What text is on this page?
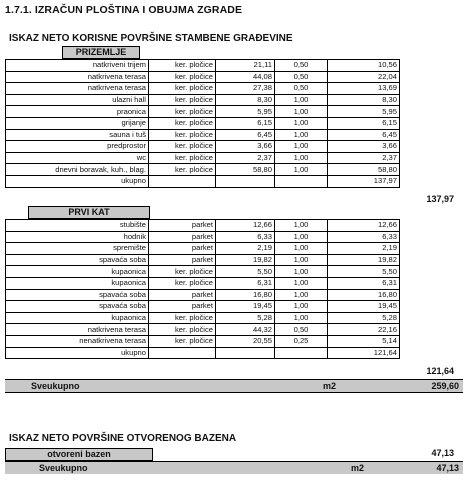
1.7.1. IZRAČUN PLOŠTINA I OBUJMA ZGRADE
ISKAZ NETO KORISNE POVRŠINE STAMBENE GRAĐEVINE
PRIZEMLJE
natkriveni trijem	ker. pločice	21,11	0,50	10,56
natkrivena terasa	ker. pločice	44,08	0,50	22,04
natkrivena terasa	ker. pločice	27,38	0,50	13,69
ulazni hall	ker. pločice	8,30	1,00	8,30
praonica	ker. pločice	5,95	1,00	5,95
grijanje	ker. pločice	6,15	1,00	6,15
sauna i tuš	ker. pločice	6,45	1,00	6,45
predprostor	ker. pločice	3,66	1,00	3,66
wc	ker. pločice	2,37	1,00	2,37
dnevni boravak, kuh., blag.	ker. pločice	58,80	1,00	58,80
ukupno				137,97
137,97
PRVI KAT
stubište	parket	12,66	1,00	12,66
hodnik	parket	6,33	1,00	6,33
spremište	parket	2,19	1,00	2,19
spavaća soba	parket	19,82	1,00	19,82
kupaonica	ker. pločice	5,50	1,00	5,50
kupaonica	ker. pločice	6,31	1,00	6,31
spavaća soba	parket	16,80	1,00	16,80
spavaća soba	parket	19,45	1,00	19,45
kupaonica	ker. pločice	5,28	1,00	5,28
natkrivena terasa	ker. pločice	44,32	0,50	22,16
nenatkrivena terasa	ker. pločice	20,55	0,25	5,14
ukupno				121,64
121,64
Sveukupno	m2	259,60
ISKAZ NETO POVRŠINE OTVORENOG BAZENA
otvoreni bazen	47,13
Sveukupno	m2	47,13
